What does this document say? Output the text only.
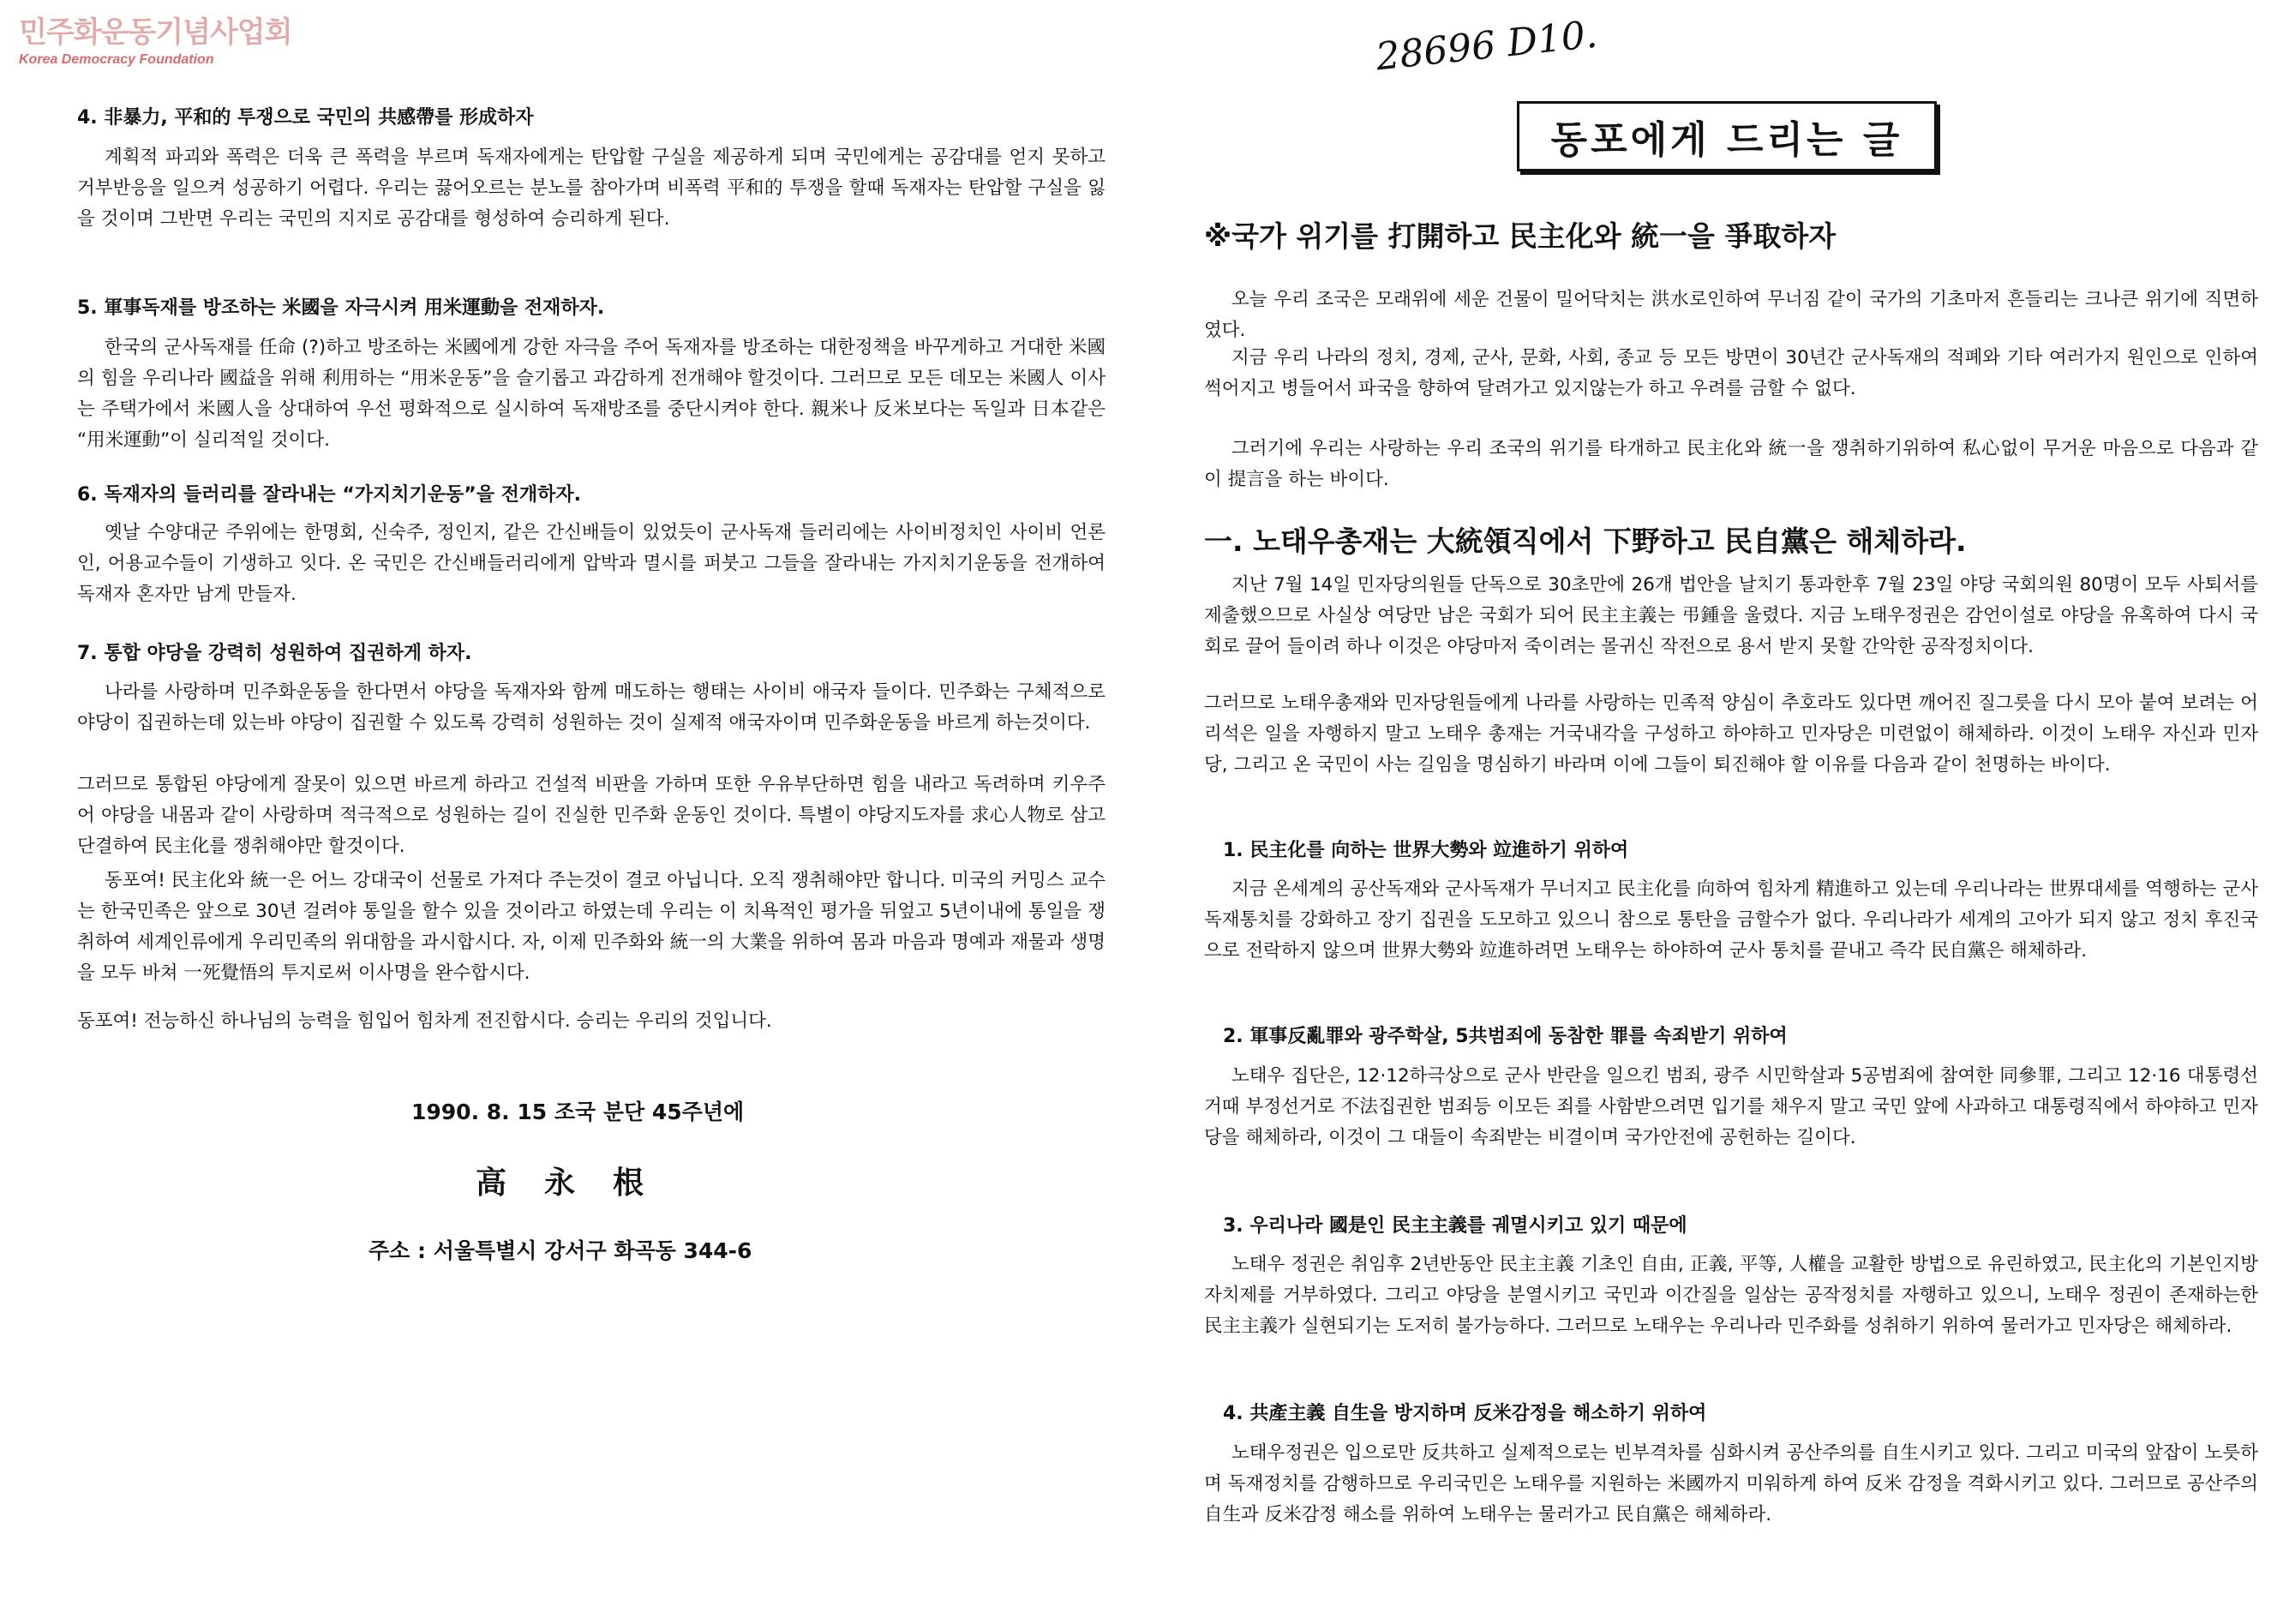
민주화운동기념사업회
Korea Democracy Foundation	28696 D10.

4. 非暴力, 平和的 투쟁으로 국민의 共感帶를 形成하자

계획적 파괴와 폭력은 더욱 큰 폭력을 부르며 독재자에게는 탄압할 구실을 제공하게 되며 국민에게는 공감대를 얻지 못하고 거부반응을 일으켜 성공하기 어렵다. 우리는 끓어오르는 분노를 참아가며 비폭력 平和的 투쟁을 할때 독재자는 탄압할 구실을 잃을 것이며 그반면 우리는 국민의 지지로 공감대를 형성하여 승리하게 된다.

5. 軍事독재를 방조하는 米國을 자극시켜 用米運動을 전재하자.

한국의 군사독재를 任命 (?)하고 방조하는 米國에게 강한 자극을 주어 독재자를 방조하는 대한정책을 바꾸게하고 거대한 米國의 힘을 우리나라 國益을 위해 利用하는 “用米운동”을 슬기롭고 과감하게 전개해야 할것이다. 그러므로 모든 데모는 米國人 이사는 주택가에서 米國人을 상대하여 우선 평화적으로 실시하여 독재방조를 중단시켜야 한다. 親米나 反米보다는 독일과 日本같은 “用米運動”이 실리적일 것이다.

6. 독재자의 들러리를 잘라내는 “가지치기운동”을 전개하자.

옛날 수양대군 주위에는 한명회, 신숙주, 정인지, 같은 간신배들이 있었듯이 군사독재 들러리에는 사이비정치인 사이비 언론인, 어용교수들이 기생하고 잇다. 온 국민은 간신배들러리에게 압박과 멸시를 퍼붓고 그들을 잘라내는 가지치기운동을 전개하여 독재자 혼자만 남게 만들자.

7. 통합 야당을 강력히 성원하여 집권하게 하자.

나라를 사랑하며 민주화운동을 한다면서 야당을 독재자와 함께 매도하는 행태는 사이비 애국자 들이다. 민주화는 구체적으로 야당이 집권하는데 있는바 야당이 집권할 수 있도록 강력히 성원하는 것이 실제적 애국자이며 민주화운동을 바르게 하는것이다.

그러므로 통합된 야당에게 잘못이 있으면 바르게 하라고 건설적 비판을 가하며 또한 우유부단하면 힘을 내라고 독려하며 키우주어 야당을 내몸과 같이 사랑하며 적극적으로 성원하는 길이 진실한 민주화 운동인 것이다. 특별이 야당지도자를 求心人物로 삼고 단결하여 民主化를 쟁취해야만 할것이다.

동포여! 民主化와 統一은 어느 강대국이 선물로 가져다 주는것이 결코 아닙니다. 오직 쟁취해야만 합니다. 미국의 커밍스 교수는 한국민족은 앞으로 30년 걸려야 통일을 할수 있을 것이라고 하였는데 우리는 이 치욕적인 평가을 뒤엎고 5년이내에 통일을 쟁취하여 세계인류에게 우리민족의 위대함을 과시합시다. 자, 이제 민주화와 統一의 大業을 위하여 몸과 마음과 명예과 재물과 생명을 모두 바쳐 一死覺悟의 투지로써 이사명을 완수합시다.

동포여! 전능하신 하나님의 능력을 힘입어 힘차게 전진합시다. 승리는 우리의 것입니다.

1990. 8. 15 조국 분단 45주년에
高永根
주소 : 서울특별시 강서구 화곡동 344-6
동포에게 드리는 글

※국가 위기를 打開하고 民主化와 統一을 爭取하자

오늘 우리 조국은 모래위에 세운 건물이 밀어닥치는 洪水로인하여 무너짐 같이 국가의 기초마저 흔들리는 크나큰 위기에 직면하였다.

지금 우리 나라의 정치, 경제, 군사, 문화, 사회, 종교 등 모든 방면이 30년간 군사독재의 적폐와 기타 여러가지 원인으로 인하여 썩어지고 병들어서 파국을 향하여 달려가고 있지않는가 하고 우려를 금할 수 없다.

그러기에 우리는 사랑하는 우리 조국의 위기를 타개하고 民主化와 統一을 쟁취하기위하여 私心없이 무거운 마음으로 다음과 같이 提言을 하는 바이다.

一. 노태우총재는 大統領직에서 下野하고 民自黨은 해체하라.

지난 7월 14일 민자당의원들 단독으로 30초만에 26개 법안을 날치기 통과한후 7월 23일 야당 국회의원 80명이 모두 사퇴서를 제출했으므로 사실상 여당만 남은 국회가 되어 民主主義는 弔鍾을 울렸다. 지금 노태우정권은 감언이설로 야당을 유혹하여 다시 국회로 끌어 들이려 하나 이것은 야당마저 죽이려는 몰귀신 작전으로 용서 받지 못할 간악한 공작정치이다.

그러므로 노태우총재와 민자당원들에게 나라를 사랑하는 민족적 양심이 추호라도 있다면 깨어진 질그릇을 다시 모아 붙여 보려는 어리석은 일을 자행하지 말고 노태우 총재는 거국내각을 구성하고 하야하고 민자당은 미련없이 해체하라. 이것이 노태우 자신과 민자당, 그리고 온 국민이 사는 길임을 명심하기 바라며 이에 그들이 퇴진해야 할 이유를 다음과 같이 천명하는 바이다.

1. 民主化를 向하는 世界大勢와 竝進하기 위하여

지금 온세계의 공산독재와 군사독재가 무너지고 民主化를 向하여 힘차게 精進하고 있는데 우리나라는 世界대세를 역행하는 군사 독재통치를 강화하고 장기 집권을 도모하고 있으니 참으로 통탄을 금할수가 없다. 우리나라가 세계의 고아가 되지 않고 정치 후진국으로 전락하지 않으며 世界大勢와 竝進하려면 노태우는 하야하여 군사 통치를 끝내고 즉각 民自黨은 해체하라.

2. 軍事反亂罪와 광주학살, 5共범죄에 동참한 罪를 속죄받기 위하여

노태우 집단은, 12·12하극상으로 군사 반란을 일으킨 범죄, 광주 시민학살과 5공범죄에 참여한 同參罪, 그리고 12·16 대통령선거때 부정선거로 不法집권한 범죄등 이모든 죄를 사함받으려면 입기를 채우지 말고 국민 앞에 사과하고 대통령직에서 하야하고 민자당을 해체하라, 이것이 그 대들이 속죄받는 비결이며 국가안전에 공헌하는 길이다.

3. 우리나라 國是인 民主主義를 궤멸시키고 있기 때문에

노태우 정권은 취임후 2년반동안 民主主義 기초인 自由, 正義, 平等, 人權을 교활한 방법으로 유린하였고, 民主化의 기본인지방자치제를 거부하였다. 그리고 야당을 분열시키고 국민과 이간질을 일삼는 공작정치를 자행하고 있으니, 노태우 정권이 존재하는한 民主主義가 실현되기는 도저히 불가능하다. 그러므로 노태우는 우리나라 민주화를 성취하기 위하여 물러가고 민자당은 해체하라.

4. 共產主義 自生을 방지하며 反米감정을 해소하기 위하여

노태우정권은 입으로만 反共하고 실제적으로는 빈부격차를 심화시켜 공산주의를 自生시키고 있다. 그리고 미국의 앞잡이 노릇하며 독재정치를 감행하므로 우리국민은 노태우를 지원하는 米國까지 미워하게 하여 反米 감정을 격화시키고 있다. 그러므로 공산주의 自生과 反米감정 해소를 위하여 노태우는 물러가고 民自黨은 해체하라.
